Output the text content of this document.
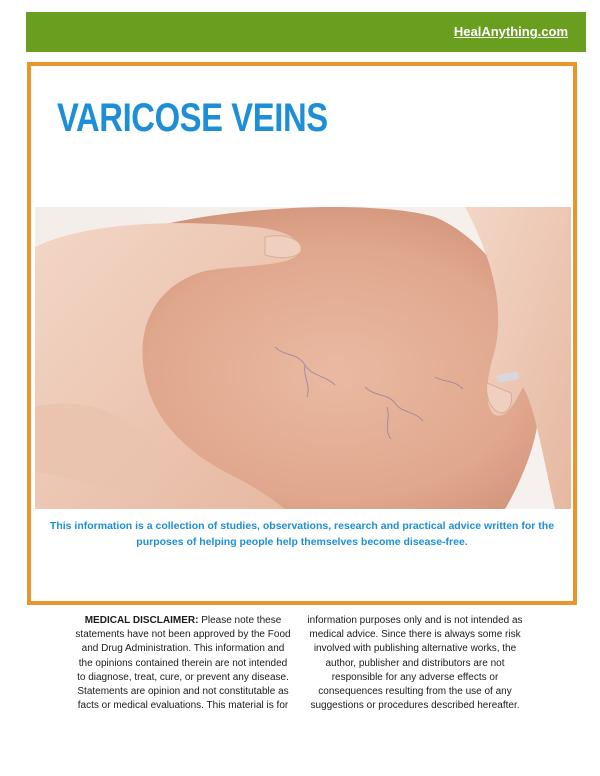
HealAnything.com
VARICOSE VEINS
This information is a collection of studies, observations, research and practical advice written for the purposes of helping people help themselves become disease-free.
MEDICAL DISCLAIMER: Please note these statements have not been approved by the Food and Drug Administration. This information and the opinions contained therein are not intended to diagnose, treat, cure, or prevent any disease. Statements are opinion and not constitutable as facts or medical evaluations. This material is for
information purposes only and is not intended as medical advice. Since there is always some risk involved with publishing alternative works, the author, publisher and distributors are not responsible for any adverse effects or consequences resulting from the use of any suggestions or procedures described hereafter.
